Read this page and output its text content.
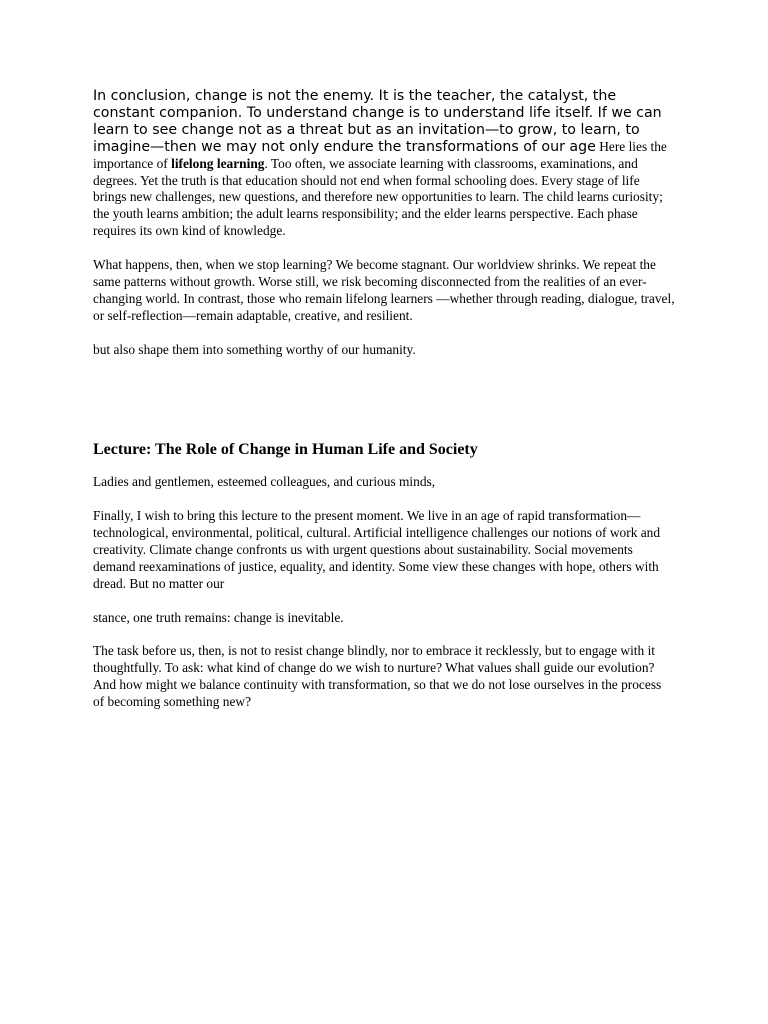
In conclusion, change is not the enemy. It is the teacher, the catalyst, the constant companion. To understand change is to understand life itself. If we can learn to see change not as a threat but as an invitation—to grow, to learn, to imagine—then we may not only endure the transformations of our age Here lies the importance of lifelong learning. Too often, we associate learning with classrooms, examinations, and degrees. Yet the truth is that education should not end when formal schooling does. Every stage of life brings new challenges, new questions, and therefore new opportunities to learn. The child learns curiosity; the youth learns ambition; the adult learns responsibility; and the elder learns perspective. Each phase requires its own kind of knowledge.

What happens, then, when we stop learning? We become stagnant. Our worldview shrinks. We repeat the same patterns without growth. Worse still, we risk becoming disconnected from the realities of an ever-changing world. In contrast, those who remain lifelong learners —whether through reading, dialogue, travel, or self-reflection—remain adaptable, creative, and resilient.

but also shape them into something worthy of our humanity.

Lecture: The Role of Change in Human Life and Society

Ladies and gentlemen, esteemed colleagues, and curious minds,

Finally, I wish to bring this lecture to the present moment. We live in an age of rapid transformation—technological, environmental, political, cultural. Artificial intelligence challenges our notions of work and creativity. Climate change confronts us with urgent questions about sustainability. Social movements demand reexaminations of justice, equality, and identity. Some view these changes with hope, others with dread. But no matter our

stance, one truth remains: change is inevitable.

The task before us, then, is not to resist change blindly, nor to embrace it recklessly, but to engage with it thoughtfully. To ask: what kind of change do we wish to nurture? What values shall guide our evolution? And how might we balance continuity with transformation, so that we do not lose ourselves in the process of becoming something new?
